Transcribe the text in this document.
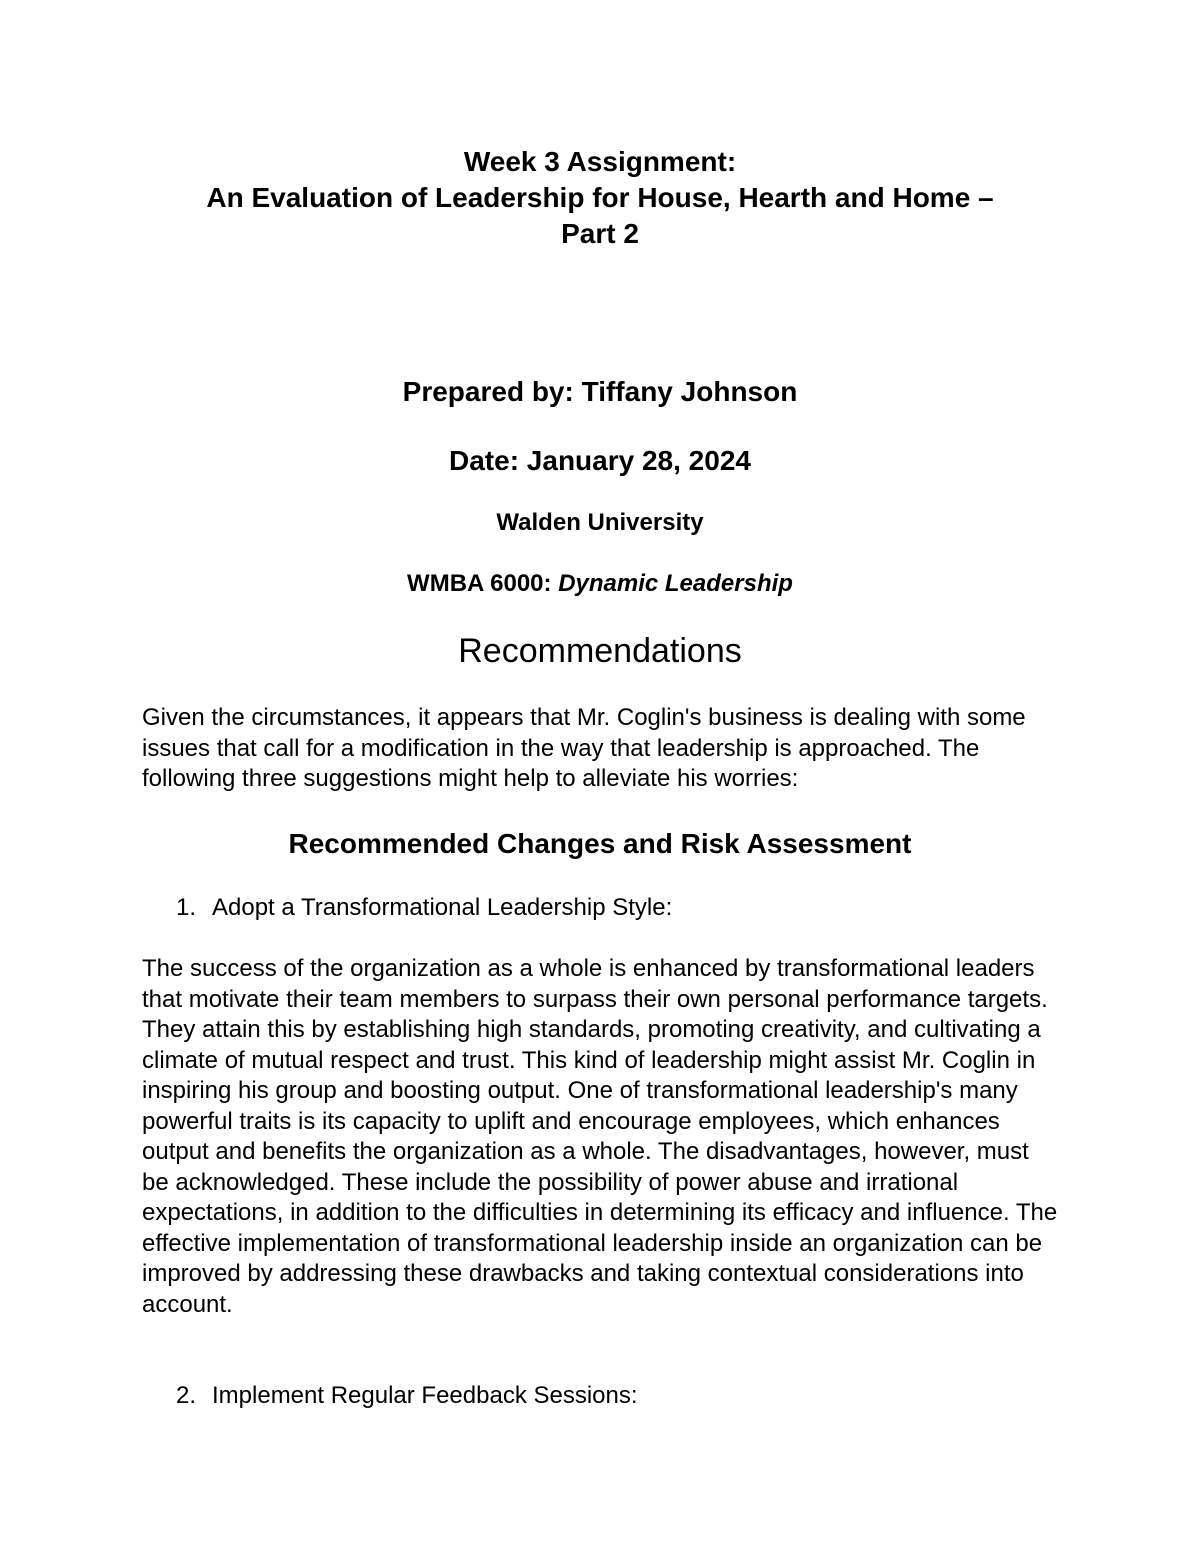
Week 3 Assignment:
An Evaluation of Leadership for House, Hearth and Home –
Part 2
Prepared by: Tiffany Johnson
Date: January 28, 2024
Walden University
WMBA 6000: Dynamic Leadership
Recommendations

Given the circumstances, it appears that Mr. Coglin's business is dealing with some issues that call for a modification in the way that leadership is approached. The following three suggestions might help to alleviate his worries:

Recommended Changes and Risk Assessment
1. Adopt a Transformational Leadership Style:

The success of the organization as a whole is enhanced by transformational leaders that motivate their team members to surpass their own personal performance targets. They attain this by establishing high standards, promoting creativity, and cultivating a climate of mutual respect and trust. This kind of leadership might assist Mr. Coglin in inspiring his group and boosting output. One of transformational leadership's many powerful traits is its capacity to uplift and encourage employees, which enhances output and benefits the organization as a whole. The disadvantages, however, must be acknowledged. These include the possibility of power abuse and irrational expectations, in addition to the difficulties in determining its efficacy and influence. The effective implementation of transformational leadership inside an organization can be improved by addressing these drawbacks and taking contextual considerations into account.

2. Implement Regular Feedback Sessions:
